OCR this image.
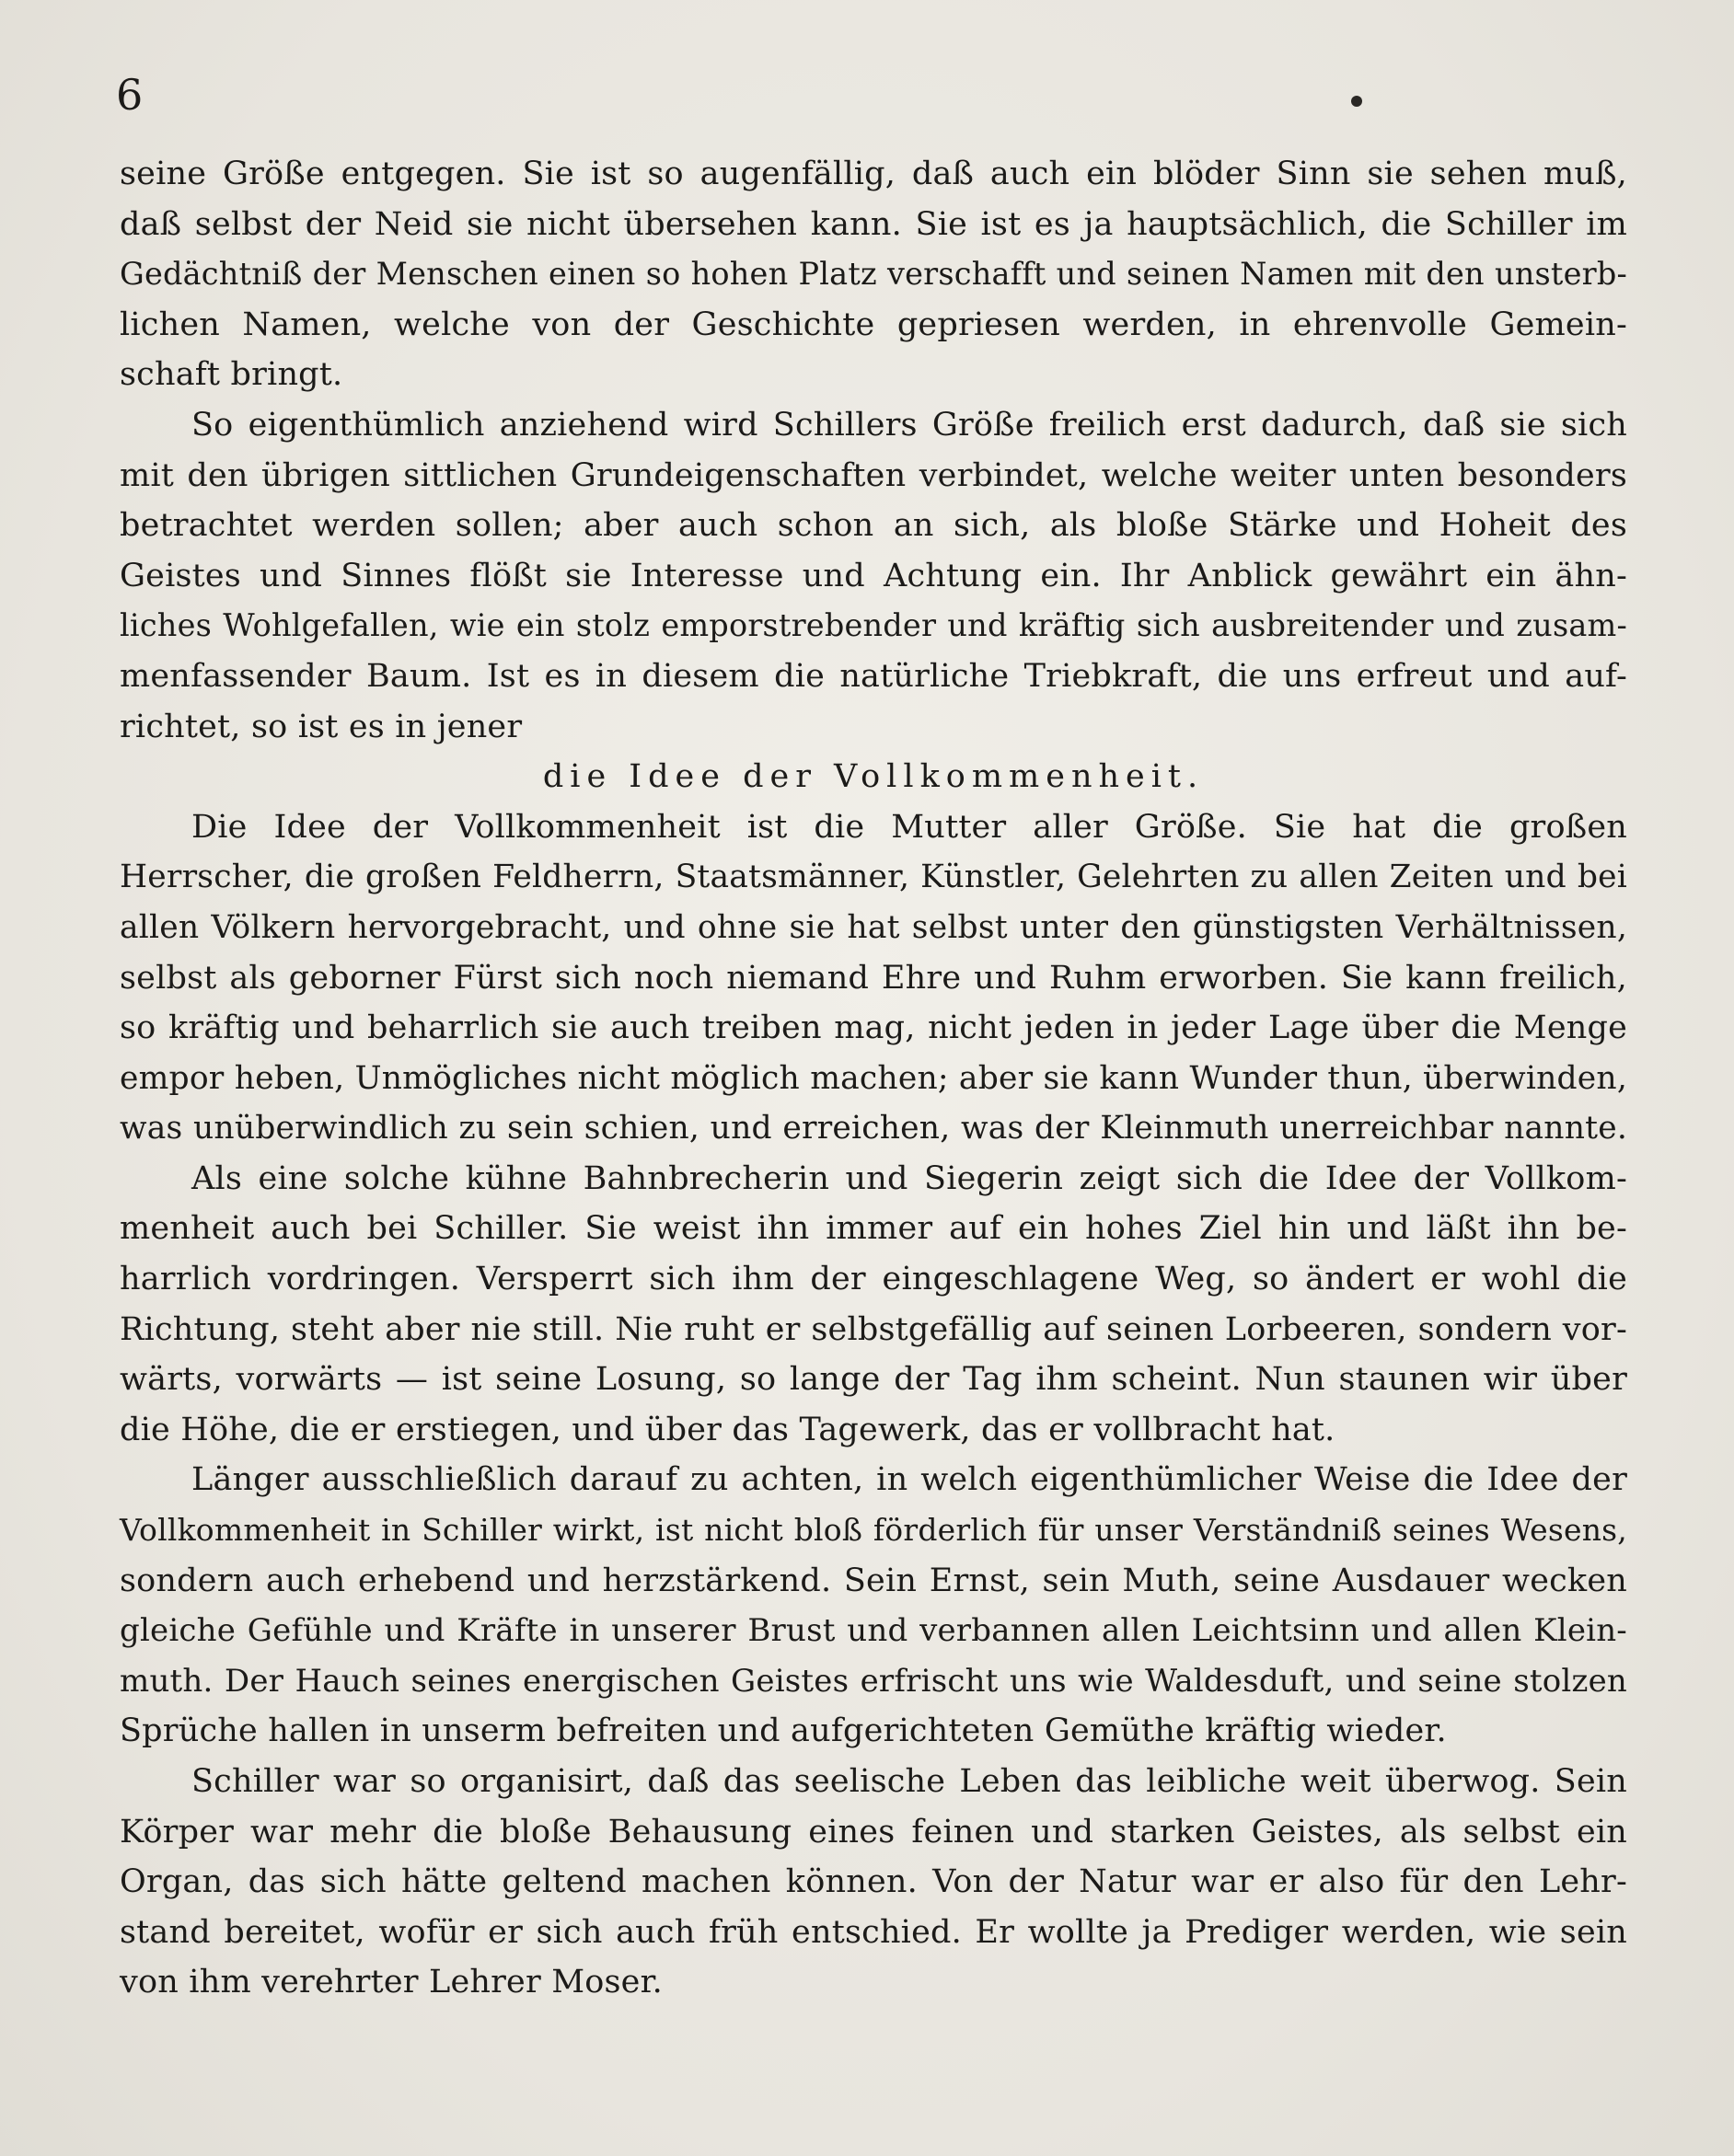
6
seine Größe entgegen. Sie ist so augenfällig, daß auch ein blöder Sinn sie sehen muß,
daß selbst der Neid sie nicht übersehen kann. Sie ist es ja hauptsächlich, die Schiller im
Gedächtniß der Menschen einen so hohen Platz verschafft und seinen Namen mit den unsterb-
lichen Namen, welche von der Geschichte gepriesen werden, in ehrenvolle Gemein-
schaft bringt.
So eigenthümlich anziehend wird Schillers Größe freilich erst dadurch, daß sie sich
mit den übrigen sittlichen Grundeigenschaften verbindet, welche weiter unten besonders
betrachtet werden sollen; aber auch schon an sich, als bloße Stärke und Hoheit des
Geistes und Sinnes flößt sie Interesse und Achtung ein. Ihr Anblick gewährt ein ähn-
liches Wohlgefallen, wie ein stolz emporstrebender und kräftig sich ausbreitender und zusam-
menfassender Baum. Ist es in diesem die natürliche Triebkraft, die uns erfreut und auf-
richtet, so ist es in jener
die Idee der Vollkommenheit.
Die Idee der Vollkommenheit ist die Mutter aller Größe. Sie hat die großen
Herrscher, die großen Feldherrn, Staatsmänner, Künstler, Gelehrten zu allen Zeiten und bei
allen Völkern hervorgebracht, und ohne sie hat selbst unter den günstigsten Verhältnissen,
selbst als geborner Fürst sich noch niemand Ehre und Ruhm erworben. Sie kann freilich,
so kräftig und beharrlich sie auch treiben mag, nicht jeden in jeder Lage über die Menge
empor heben, Unmögliches nicht möglich machen; aber sie kann Wunder thun, überwinden,
was unüberwindlich zu sein schien, und erreichen, was der Kleinmuth unerreichbar nannte.
Als eine solche kühne Bahnbrecherin und Siegerin zeigt sich die Idee der Vollkom-
menheit auch bei Schiller. Sie weist ihn immer auf ein hohes Ziel hin und läßt ihn be-
harrlich vordringen. Versperrt sich ihm der eingeschlagene Weg, so ändert er wohl die
Richtung, steht aber nie still. Nie ruht er selbstgefällig auf seinen Lorbeeren, sondern vor-
wärts, vorwärts — ist seine Losung, so lange der Tag ihm scheint. Nun staunen wir über
die Höhe, die er erstiegen, und über das Tagewerk, das er vollbracht hat.
Länger ausschließlich darauf zu achten, in welch eigenthümlicher Weise die Idee der
Vollkommenheit in Schiller wirkt, ist nicht bloß förderlich für unser Verständniß seines Wesens,
sondern auch erhebend und herzstärkend. Sein Ernst, sein Muth, seine Ausdauer wecken
gleiche Gefühle und Kräfte in unserer Brust und verbannen allen Leichtsinn und allen Klein-
muth. Der Hauch seines energischen Geistes erfrischt uns wie Waldesduft, und seine stolzen
Sprüche hallen in unserm befreiten und aufgerichteten Gemüthe kräftig wieder.
Schiller war so organisirt, daß das seelische Leben das leibliche weit überwog. Sein
Körper war mehr die bloße Behausung eines feinen und starken Geistes, als selbst ein
Organ, das sich hätte geltend machen können. Von der Natur war er also für den Lehr-
stand bereitet, wofür er sich auch früh entschied. Er wollte ja Prediger werden, wie sein
von ihm verehrter Lehrer Moser.
